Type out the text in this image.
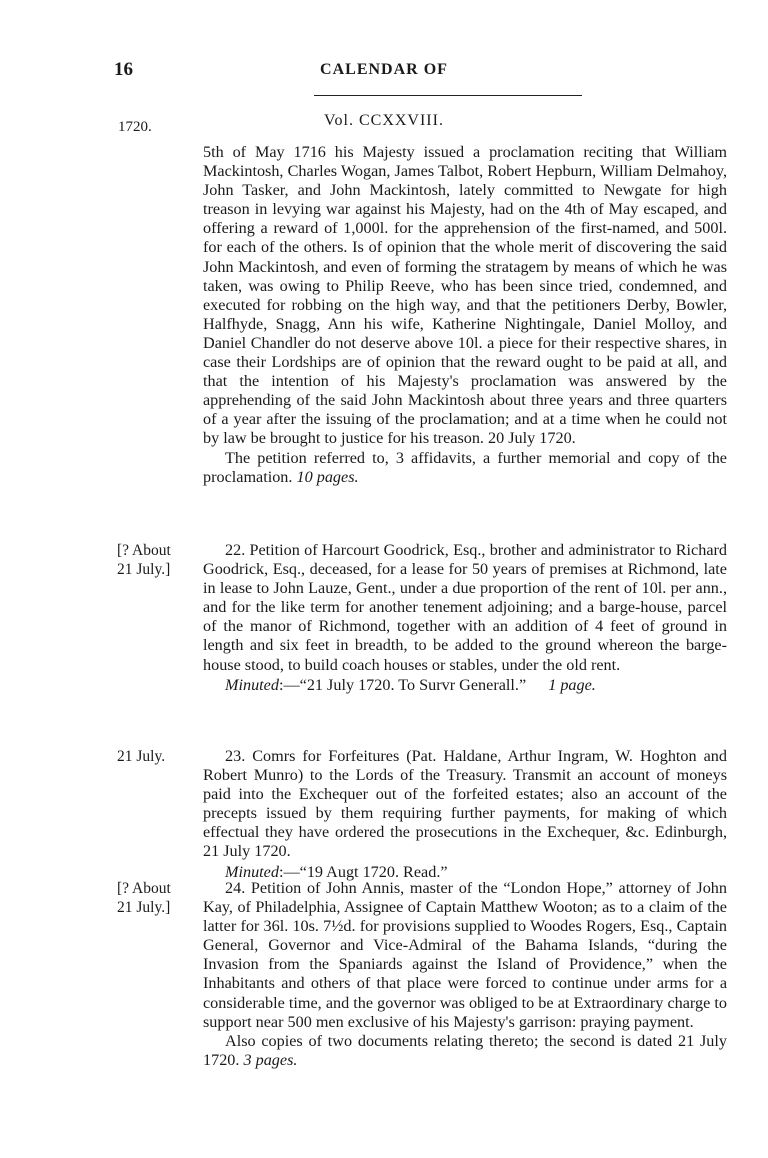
16	CALENDAR OF
Vol. CCXXVIII.
1720.

5th of May 1716 his Majesty issued a proclamation reciting that William Mackintosh, Charles Wogan, James Talbot, Robert Hepburn, William Delmahoy, John Tasker, and John Mackintosh, lately committed to Newgate for high treason in levying war against his Majesty, had on the 4th of May escaped, and offering a reward of 1,000l. for the apprehension of the first-named, and 500l. for each of the others. Is of opinion that the whole merit of discovering the said John Mackintosh, and even of forming the stratagem by means of which he was taken, was owing to Philip Reeve, who has been since tried, condemned, and executed for robbing on the high way, and that the petitioners Derby, Bowler, Halfhyde, Snagg, Ann his wife, Katherine Nightingale, Daniel Molloy, and Daniel Chandler do not deserve above 10l. a piece for their respective shares, in case their Lordships are of opinion that the reward ought to be paid at all, and that the intention of his Majesty's proclamation was answered by the apprehending of the said John Mackintosh about three years and three quarters of a year after the issuing of the proclamation; and at a time when he could not by law be brought to justice for his treason. 20 July 1720.

The petition referred to, 3 affidavits, a further memorial and copy of the proclamation. 10 pages.

[? About
21 July.]

22. Petition of Harcourt Goodrick, Esq., brother and administrator to Richard Goodrick, Esq., deceased, for a lease for 50 years of premises at Richmond, late in lease to John Lauze, Gent., under a due proportion of the rent of 10l. per ann., and for the like term for another tenement adjoining; and a barge-house, parcel of the manor of Richmond, together with an addition of 4 feet of ground in length and six feet in breadth, to be added to the ground whereon the barge-house stood, to build coach houses or stables, under the old rent.

Minuted:—“21 July 1720. To Survr Generall.” 1 page.

21 July.	23. Comrs for Forfeitures (Pat. Haldane, Arthur Ingram, W. Hoghton and Robert Munro) to the Lords of the Treasury. Transmit an account of moneys paid into the Exchequer out of the forfeited estates; also an account of the precepts issued by them requiring further payments, for making of which effectual they have ordered the prosecutions in the Exchequer, &c. Edinburgh, 21 July 1720.

Minuted:—“19 Augt 1720. Read.”

[? About
21 July.]

24. Petition of John Annis, master of the “London Hope,” attorney of John Kay, of Philadelphia, Assignee of Captain Matthew Wooton; as to a claim of the latter for 36l. 10s. 7½d. for provisions supplied to Woodes Rogers, Esq., Captain General, Governor and Vice-Admiral of the Bahama Islands, “during the Invasion from the Spaniards against the Island of Providence,” when the Inhabitants and others of that place were forced to continue under arms for a considerable time, and the governor was obliged to be at Extraordinary charge to support near 500 men exclusive of his Majesty's garrison: praying payment.

Also copies of two documents relating thereto; the second is dated 21 July 1720. 3 pages.
